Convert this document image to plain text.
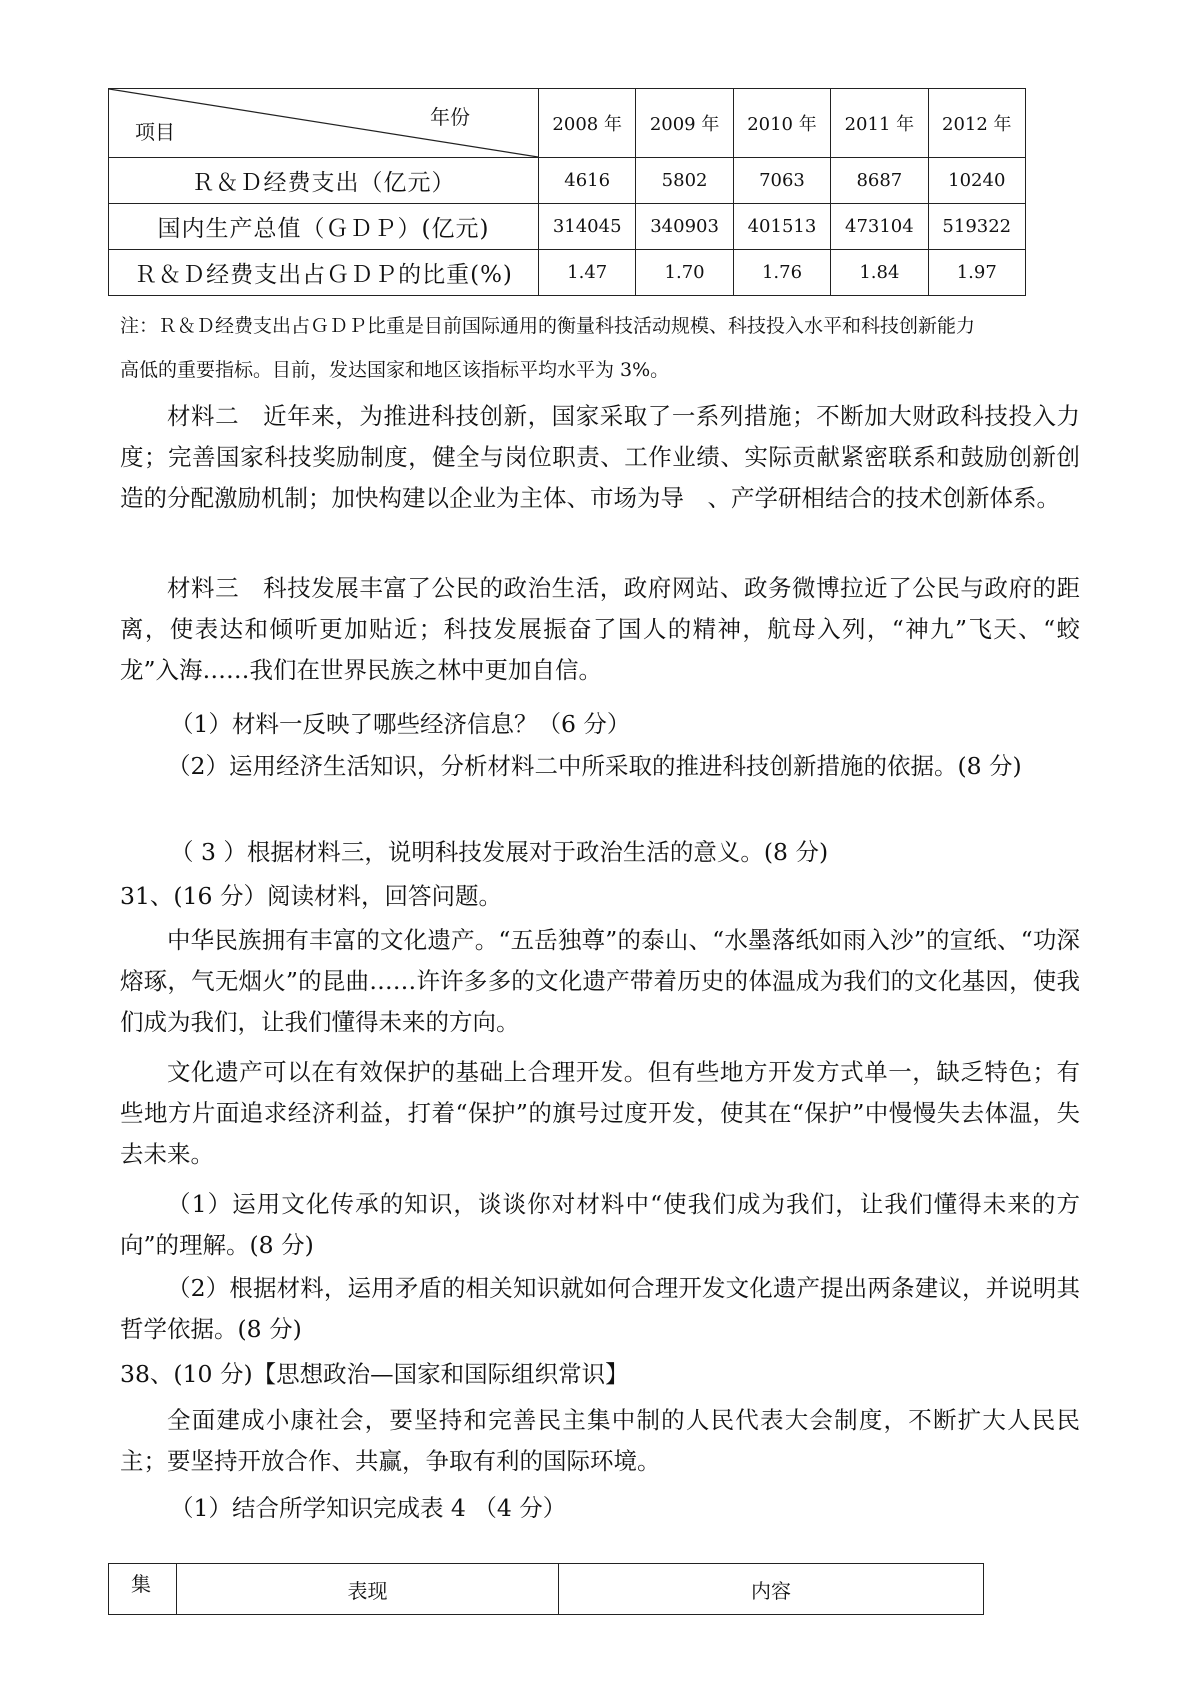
年份
项目	2008 年	2009 年	2010 年	2011 年	2012 年
Ｒ＆Ｄ经费支出（亿元）	4616	5802	7063	8687	10240
国内生产总值（ＧＤＰ）(亿元)	314045	340903	401513	473104	519322
Ｒ＆Ｄ经费支出占ＧＤＰ的比重(%)	1.47	1.70	1.76	1.84	1.97
注：Ｒ＆Ｄ经费支出占ＧＤＰ比重是目前国际通用的衡量科技活动规模、科技投入水平和科技创新能力
高低的重要指标。目前，发达国家和地区该指标平均水平为 3%。
材料二　近年来，为推进科技创新，国家采取了一系列措施；不断加大财政科技投入力度；完善国家科技奖励制度，健全与岗位职责、工作业绩、实际贡献紧密联系和鼓励创新创造的分配激励机制；加快构建以企业为主体、市场为导　、产学研相结合的技术创新体系。
材料三　科技发展丰富了公民的政治生活，政府网站、政务微博拉近了公民与政府的距离，使表达和倾听更加贴近；科技发展振奋了国人的精神，航母入列，“神九”飞天、“蛟龙”入海……我们在世界民族之林中更加自信。
（1）材料一反映了哪些经济信息？（6 分）
（2）运用经济生活知识，分析材料二中所采取的推进科技创新措施的依据。(8 分)
（ 3 ）根据材料三，说明科技发展对于政治生活的意义。(8 分)
31、(16 分）阅读材料，回答问题。
中华民族拥有丰富的文化遗产。“五岳独尊”的泰山、“水墨落纸如雨入沙”的宣纸、“功深熔琢，气无烟火”的昆曲……许许多多的文化遗产带着历史的体温成为我们的文化基因，使我们成为我们，让我们懂得未来的方向。
文化遗产可以在有效保护的基础上合理开发。但有些地方开发方式单一，缺乏特色；有些地方片面追求经济利益，打着“保护”的旗号过度开发，使其在“保护”中慢慢失去体温，失去未来。
（1）运用文化传承的知识，谈谈你对材料中“使我们成为我们，让我们懂得未来的方向”的理解。(8 分)
（2）根据材料，运用矛盾的相关知识就如何合理开发文化遗产提出两条建议，并说明其哲学依据。(8 分)
38、(10 分)【思想政治—国家和国际组织常识】
全面建成小康社会，要坚持和完善民主集中制的人民代表大会制度，不断扩大人民民主；要坚持开放合作、共赢，争取有利的国际环境。
（1）结合所学知识完成表 4 （4 分）
集	表现	内容
